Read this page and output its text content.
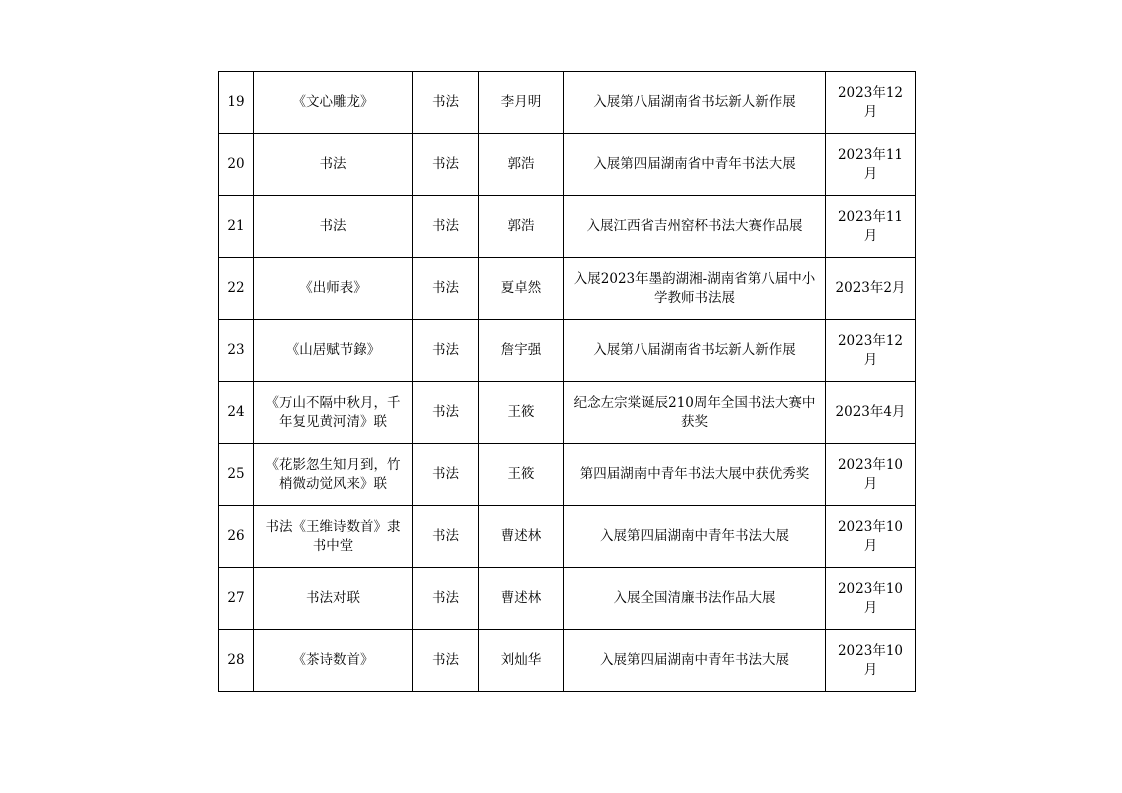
19	《文心雕龙》	书法	李月明	入展第八届湖南省书坛新人新作展	2023年12月
20	书法	书法	郭浩	入展第四届湖南省中青年书法大展	2023年11月
21	书法	书法	郭浩	入展江西省吉州窑杯书法大赛作品展	2023年11月
22	《出师表》	书法	夏卓然	入展2023年墨韵湖湘-湖南省第八届中小学教师书法展	2023年2月
23	《山居赋节錄》	书法	詹宇强	入展第八届湖南省书坛新人新作展	2023年12月
24	《万山不隔中秋月，千年复见黄河清》联	书法	王筱	纪念左宗棠诞辰210周年全国书法大赛中获奖	2023年4月
25	《花影忽生知月到，竹梢微动觉风来》联	书法	王筱	第四届湖南中青年书法大展中获优秀奖	2023年10月
26	书法《王维诗数首》隶书中堂	书法	曹述林	入展第四届湖南中青年书法大展	2023年10月
27	书法对联	书法	曹述林	入展全国清廉书法作品大展	2023年10月
28	《茶诗数首》	书法	刘灿华	入展第四届湖南中青年书法大展	2023年10月
